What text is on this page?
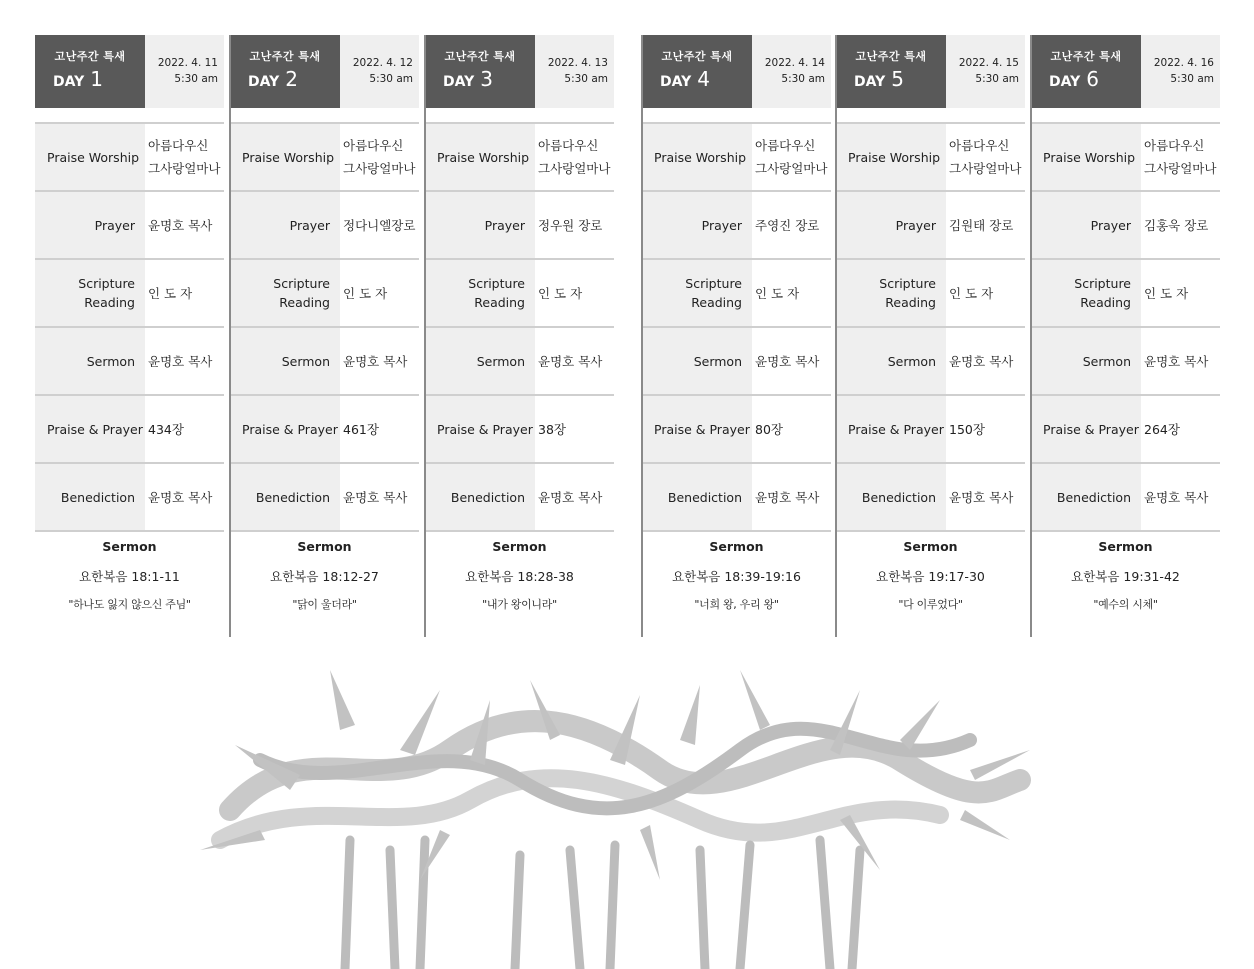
고난주간 특새
DAY 1
2022. 4. 11
5:30 am
Praise Worship
아름다우신
그사랑얼마나
Prayer 윤명호 목사
Scripture
Reading
인 도 자
Sermon 윤명호 목사
Praise & Prayer 434장
Benediction 윤명호 목사
Sermon
요한복음 18:1-11
"하나도 잃지 않으신 주님"
고난주간 특새
DAY 2
2022. 4. 12
5:30 am
Praise Worship
아름다우신
그사랑얼마나
Prayer 정다니엘장로
Scripture
Reading
인 도 자
Sermon 윤명호 목사
Praise & Prayer 461장
Benediction 윤명호 목사
Sermon
요한복음 18:12-27
"닭이 울더라"
고난주간 특새
DAY 3
2022. 4. 13
5:30 am
Praise Worship
아름다우신
그사랑얼마나
Prayer 정우원 장로
Scripture
Reading
인 도 자
Sermon 윤명호 목사
Praise & Prayer 38장
Benediction 윤명호 목사
Sermon
요한복음 18:28-38
"내가 왕이니라"
고난주간 특새
DAY 4
2022. 4. 14
5:30 am
Praise Worship
아름다우신
그사랑얼마나
Prayer 주영진 장로
Scripture
Reading
인 도 자
Sermon 윤명호 목사
Praise & Prayer 80장
Benediction 윤명호 목사
Sermon
요한복음 18:39-19:16
"너희 왕, 우리 왕"
고난주간 특새
DAY 5
2022. 4. 15
5:30 am
Praise Worship
아름다우신
그사랑얼마나
Prayer 김원태 장로
Scripture
Reading
인 도 자
Sermon 윤명호 목사
Praise & Prayer 150장
Benediction 윤명호 목사
Sermon
요한복음 19:17-30
"다 이루었다"
고난주간 특새
DAY 6
2022. 4. 16
5:30 am
Praise Worship
아름다우신
그사랑얼마나
Prayer 김홍욱 장로
Scripture
Reading
인 도 자
Sermon 윤명호 목사
Praise & Prayer 264장
Benediction 윤명호 목사
Sermon
요한복음 19:31-42
"예수의 시체"
